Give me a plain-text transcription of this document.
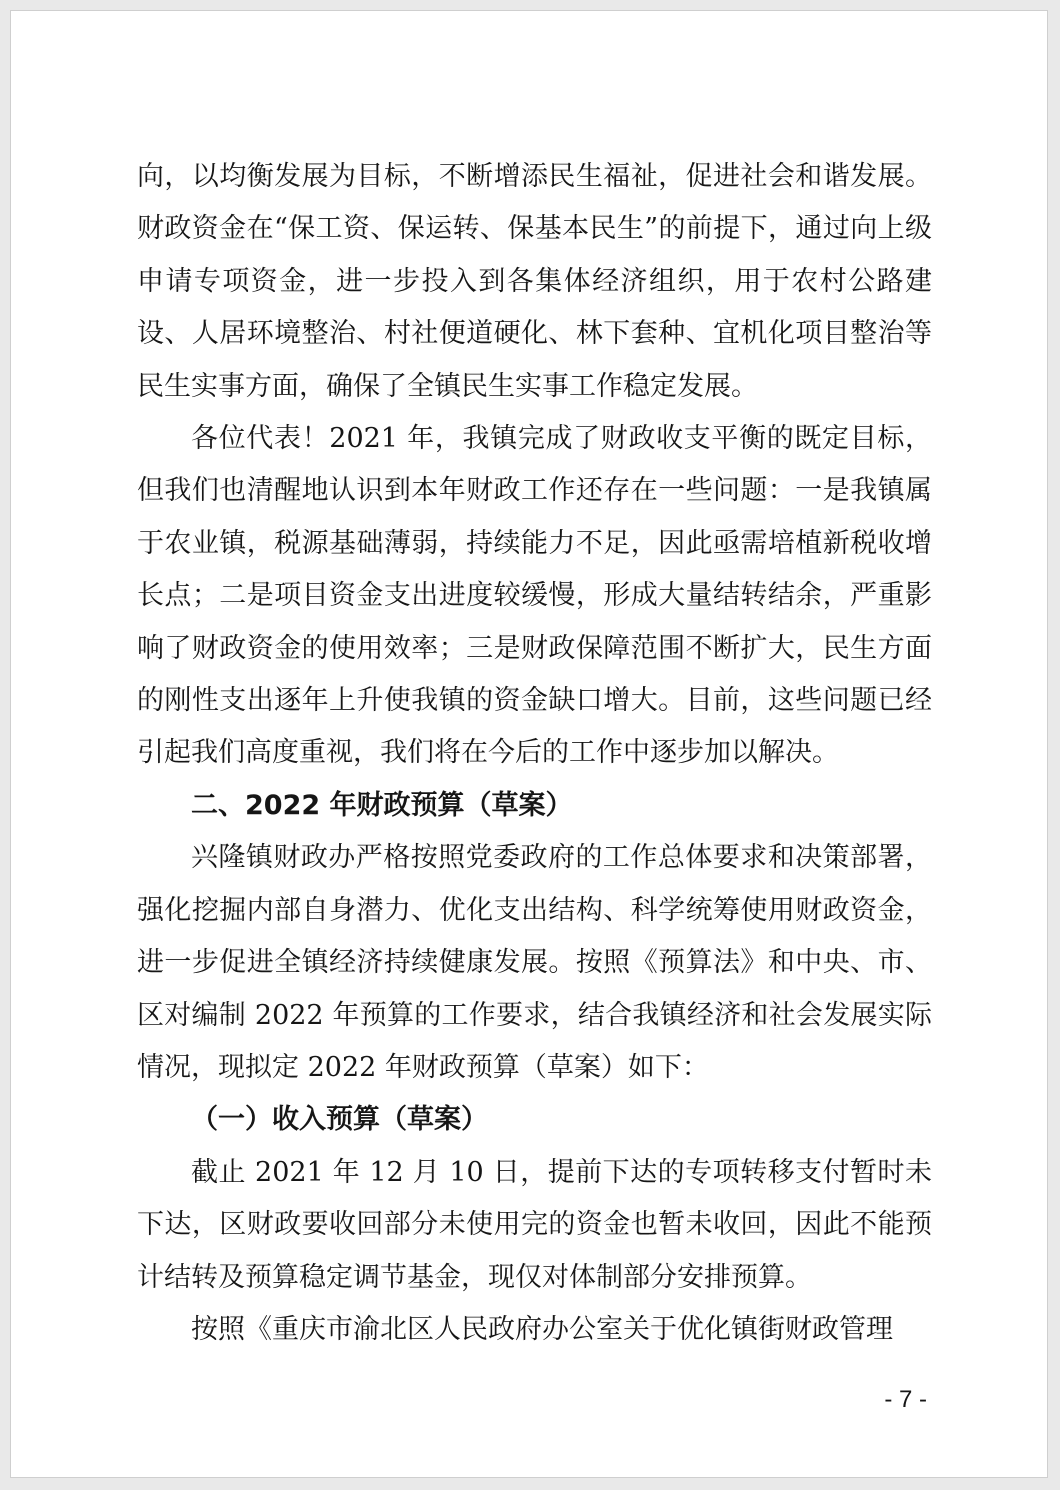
向，以均衡发展为目标，不断增添民生福祉，促进社会和谐发展。财政资金在“保工资、保运转、保基本民生”的前提下，通过向上级申请专项资金，进一步投入到各集体经济组织，用于农村公路建设、人居环境整治、村社便道硬化、林下套种、宜机化项目整治等民生实事方面，确保了全镇民生实事工作稳定发展。

各位代表！2021 年，我镇完成了财政收支平衡的既定目标，但我们也清醒地认识到本年财政工作还存在一些问题：一是我镇属于农业镇，税源基础薄弱，持续能力不足，因此亟需培植新税收增长点；二是项目资金支出进度较缓慢，形成大量结转结余，严重影响了财政资金的使用效率；三是财政保障范围不断扩大，民生方面的刚性支出逐年上升使我镇的资金缺口增大。目前，这些问题已经引起我们高度重视，我们将在今后的工作中逐步加以解决。

二、2022 年财政预算（草案）

兴隆镇财政办严格按照党委政府的工作总体要求和决策部署，强化挖掘内部自身潜力、优化支出结构、科学统筹使用财政资金，进一步促进全镇经济持续健康发展。按照《预算法》和中央、市、区对编制 2022 年预算的工作要求，结合我镇经济和社会发展实际情况，现拟定 2022 年财政预算（草案）如下：

（一）收入预算（草案）

截止 2021 年 12 月 10 日，提前下达的专项转移支付暂时未下达，区财政要收回部分未使用完的资金也暂未收回，因此不能预计结转及预算稳定调节基金，现仅对体制部分安排预算。

按照《重庆市渝北区人民政府办公室关于优化镇街财政管理

- 7 -
